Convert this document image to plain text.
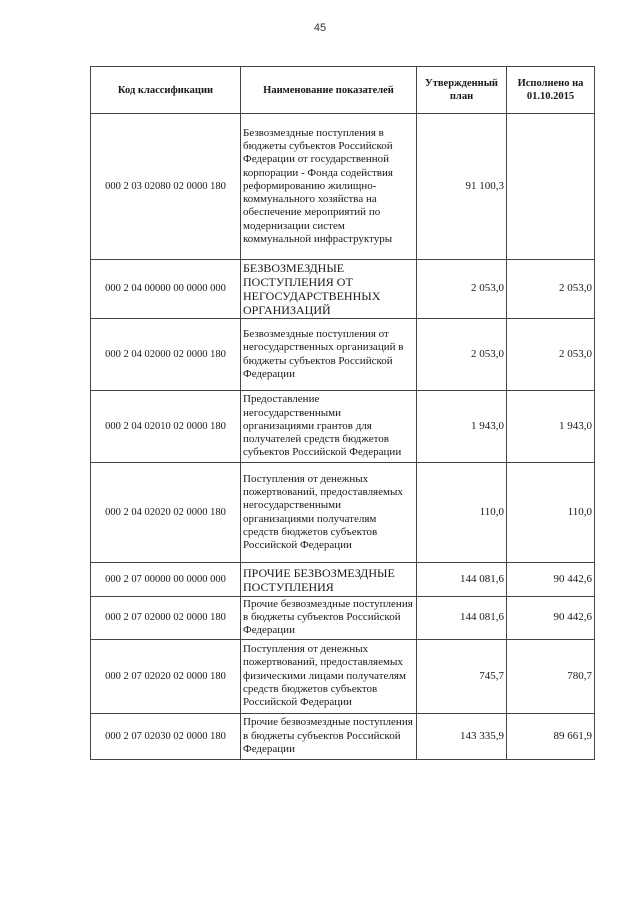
45
Код классификации	Наименование показателей	Утвержденный план	Исполнено на 01.10.2015
000 2 03 02080 02 0000 180	Безвозмездные поступления в бюджеты субъектов Российской Федерации от государственной корпорации - Фонда содействия реформированию жилищно-коммунального хозяйства на обеспечение мероприятий по модернизации систем коммунальной инфраструктуры	91 100,3	
000 2 04 00000 00 0000 000	БЕЗВОЗМЕЗДНЫЕ ПОСТУПЛЕНИЯ ОТ НЕГОСУДАРСТВЕННЫХ ОРГАНИЗАЦИЙ	2 053,0	2 053,0
000 2 04 02000 02 0000 180	Безвозмездные поступления от негосударственных организаций в бюджеты субъектов Российской Федерации	2 053,0	2 053,0
000 2 04 02010 02 0000 180	Предоставление негосударственными организациями грантов для получателей средств бюджетов субъектов Российской Федерации	1 943,0	1 943,0
000 2 04 02020 02 0000 180	Поступления от денежных пожертвований, предоставляемых негосударственными организациями получателям средств бюджетов субъектов Российской Федерации	110,0	110,0
000 2 07 00000 00 0000 000	ПРОЧИЕ БЕЗВОЗМЕЗДНЫЕ ПОСТУПЛЕНИЯ	144 081,6	90 442,6
000 2 07 02000 02 0000 180	Прочие безвозмездные поступления в бюджеты субъектов Российской Федерации	144 081,6	90 442,6
000 2 07 02020 02 0000 180	Поступления от денежных пожертвований, предоставляемых физическими лицами получателям средств бюджетов субъектов Российской Федерации	745,7	780,7
000 2 07 02030 02 0000 180	Прочие безвозмездные поступления в бюджеты субъектов Российской Федерации	143 335,9	89 661,9
